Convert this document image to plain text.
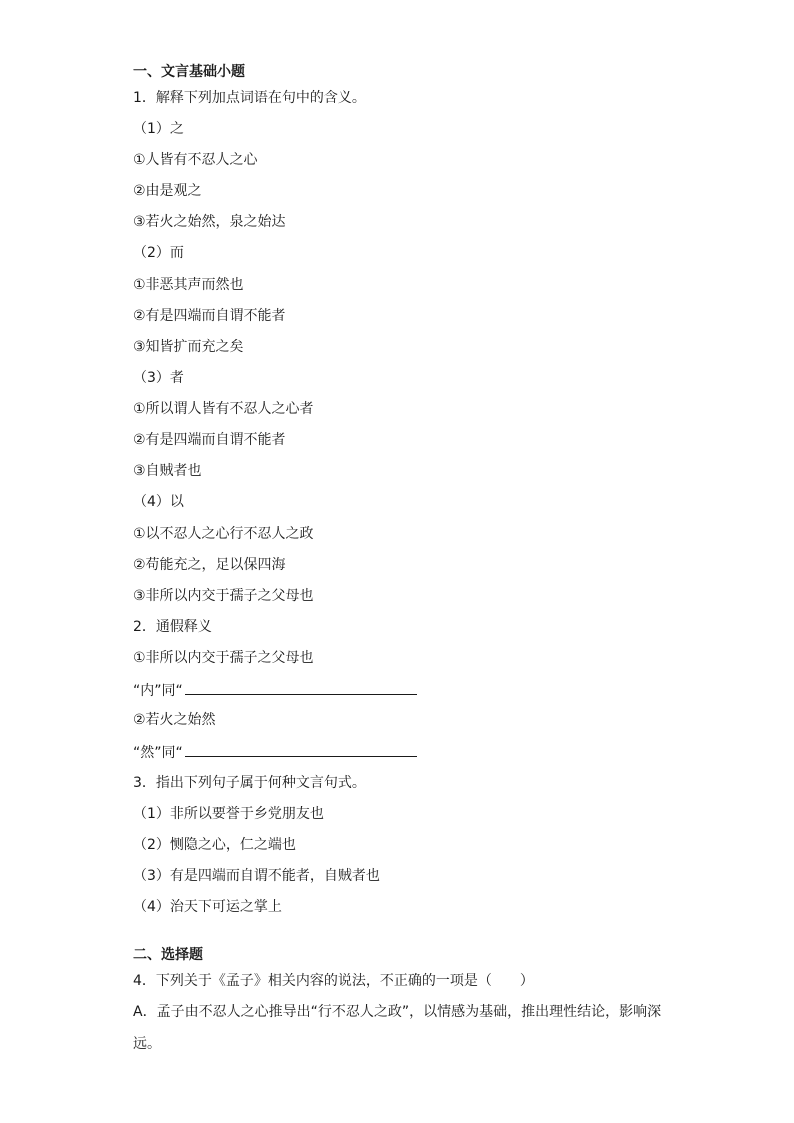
一、文言基础小题
1．解释下列加点词语在句中的含义。
（1）之
①人皆有不忍人之心
②由是观之
③若火之始然，泉之始达
（2）而
①非恶其声而然也
②有是四端而自谓不能者
③知皆扩而充之矣
（3）者
①所以谓人皆有不忍人之心者
②有是四端而自谓不能者
③自贼者也
（4）以
①以不忍人之心行不忍人之政
②苟能充之，足以保四海
③非所以内交于孺子之父母也
2．通假释义
①非所以内交于孺子之父母也
“内”同“
②若火之始然
“然”同“
3．指出下列句子属于何种文言句式。
（1）非所以要誉于乡党朋友也
（2）恻隐之心，仁之端也
（3）有是四端而自谓不能者，自贼者也
（4）治天下可运之掌上
二、选择题
4．下列关于《孟子》相关内容的说法，不正确的一项是（　　）
A．孟子由不忍人之心推导出“行不忍人之政”，以情感为基础，推出理性结论，影响深远。
